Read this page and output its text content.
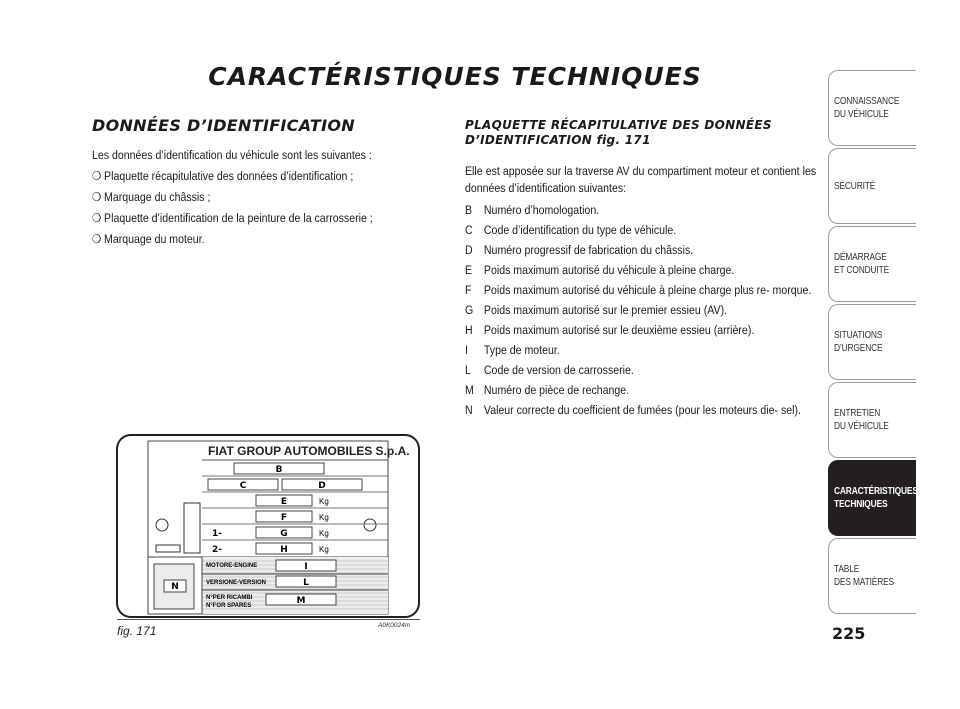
CARACTÉRISTIQUES TECHNIQUES
DONNÉES D’IDENTIFICATION

Les données d’identification du véhicule sont les suivantes :

❍ Plaquette récapitulative des données d’identification ;
❍ Marquage du châssis ;
❍ Plaquette d’identification de la peinture de la carrosserie ;
❍ Marquage du moteur.
PLAQUETTE RÉCAPITULATIVE DES DONNÉES D’IDENTIFICATION fig. 171

Elle est apposée sur la traverse AV du compartiment moteur et contient les données d’identification suivantes:

B Numéro d’homologation.
C Code d’identification du type de véhicule.
D Numéro progressif de fabrication du châssis.
E Poids maximum autorisé du véhicule à pleine charge.
F	Poids maximum autorisé du véhicule à pleine charge plus re- morque.
G Poids maximum autorisé sur le premier essieu (AV).
H Poids maximum autorisé sur le deuxième essieu (arrière).
I	Type de moteur.
L	Code de version de carrosserie.
M Numéro de pièce de rechange.
N Valeur correcte du coefficient de fumées (pour les moteurs die- sel).
FIAT GROUP AUTOMOBILES S.p.A.
B
C	D
E	Kg
F	Kg
1-	G	Kg
2-	H	Kg
MOTORE-ENGINE	I
VERSIONE-VERSION	L
N°PER RICAMBI
N°FOR SPARES	M
N
fig. 171	A0K0024m
CONNAISSANCE
DU VÉHICULE
SÉCURITÉ
DÉMARRAGE
ET CONDUITE
SITUATIONS
D’URGENCE
ENTRETIEN
DU VÉHICULE
CARACTÉRISTIQUES
TECHNIQUES
TABLE
DES MATIÈRES

225
